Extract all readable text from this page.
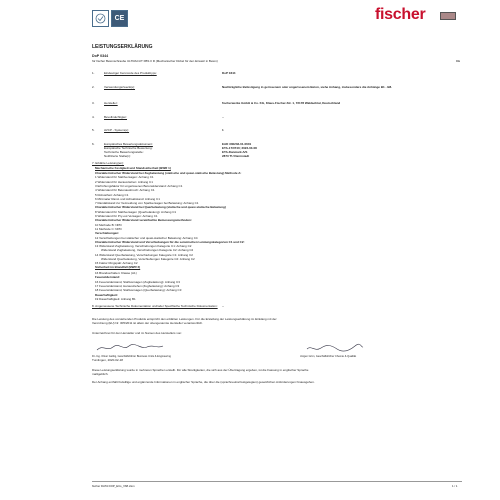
CE	fischer
LEISTUNGSERKLÄRUNG
DoP 0344
für fischer Betonschraube ULTRACUT FBS II R (Mechanischer Dübel für den Einsatz in Beton)	DE
1.	Eindeutiger Kenncode des Produkttyps:	DoP 0344
2.	Verwendungszweck(e):	Nachträgliche Befestigung in gerissenem oder ungerissenem Beton, siehe Anhang, insbesondere die Anhänge B1 - B8.
3.	Hersteller:	fischerwerke GmbH & Co. KG, Klaus-Fischer-Str. 1, 72178 Waldachtal, Deutschland
4.	Bevollmächtigter:	--
5.	AVCP - System(e):	1
6.	Europäisches Bewertungsdokument:	EAD 330232-01-0601
Europäische Technische Bewertung:	ETA-17/0740; 2022-03-08
Technische Bewertungsstelle:	ETA-Danmark A/S
Notifizierte Stelle(n):	2873 TU Darmstadt
7. Erklärte Leistung(en):
Mechanische Festigkeit und Standsicherheit (BWR 1)
Charakteristischer Widerstand bei Zugbelastung (statische und quasi-statische Belastung) Methode A:
1 Widerstand für Stahlversagen: Anhang C1
2 Widerstand für Herausziehen: Anhang C1
3 Erhöhungsfaktor für ungerissenen Betonwiderstand: Anhang C1
4 Widerstand für Betonausbruch: Anhang C1
5 Robustheit: Anhang C1
6 Minimaler Rand- und Achsabstand: Anhang C1
7 Randabstand zur Vermeidung von Spaltversagen bei Belastung: Anhang C1
Charakteristischer Widerstand bei Querbelastung (statische und quasi-statische Belastung)
8 Widerstand für Stahlversagen (Querbelastung): Anhang C1
9 Widerstand für Pry-out Versagen: Anhang C1
Charakteristischer Widerstand vereinfachte Bemessungsmethoden:
10 Methode B: NPD
11 Methode C: NPD
Verschiebungen:
12 Verschiebungen bei statischer und quasi-statischer Belastung: Anhang C4
Charakteristischer Widerstand und Verschiebungen für die seismischen Leistungskategorien C1 und C2:
13 Widerstand Zugbelastung, Verschiebungen Kategorie C1: Anhang C2
Widerstand Zugbelastung, Verschiebungen Kategorie C2: Anhang C2
14 Widerstand Querbelastung, Verschiebungen Kategorie C1: Anhang C2
Widerstand Querbelastung, Verschiebungen Kategorie C2: Anhang C2
15 Faktor Ringspalt: Anhang C2
Sicherheit im Brandfall (BWR 2)
16 Brandverhalten: Klasse (A1)
Feuerwiderstand:
16 Feuerwiderstand, Stahlversagen (Zugbelastung): Anhang C3
17 Feuerwiderstand, Herausziehen (Zugbelastung): Anhang C3
18 Feuerwiderstand, Stahlversagen (Querbelastung): Anhang C3
Dauerhaftigkeit:
19 Dauerhaftigkeit: Anhang B1
8. Angemessene Technische Dokumentation und/oder Spezifische Technische Dokumentation:	--
Die Leistung des vorstehenden Produkts entspricht den erklärten Leistungen. Für die Erstellung der Leistungserklärung im Einklang mit der
Verordnung (EU) Nr. 305/2011 ist allein der obengenannte Hersteller verantwortlich.
Unterzeichnet für den Hersteller und im Namen des Herstellers von:
Dr.-Ing. Oliver Geibig, Geschäftsführer Business Units & Engineering	Jürgen Grün, Geschäftsführer Chemie & Qualität
Tumlingen, 2020-02-18
Diese Leistungserklärung wurde in mehreren Sprachen erstellt. Für alle Streitigkeiten, die sich aus der Übertragung ergeben, ist die Fassung in englischer Sprache
maßgeblich.
Der Anhang enthält freiwillige und ergänzende Informationen in englischer Sprache, die über die (sprachneutral festgelegten) gesetzlichen Anforderungen hinausgehen.
fischer DATA DOP_ECs_V68.xlsm	1 / 1
